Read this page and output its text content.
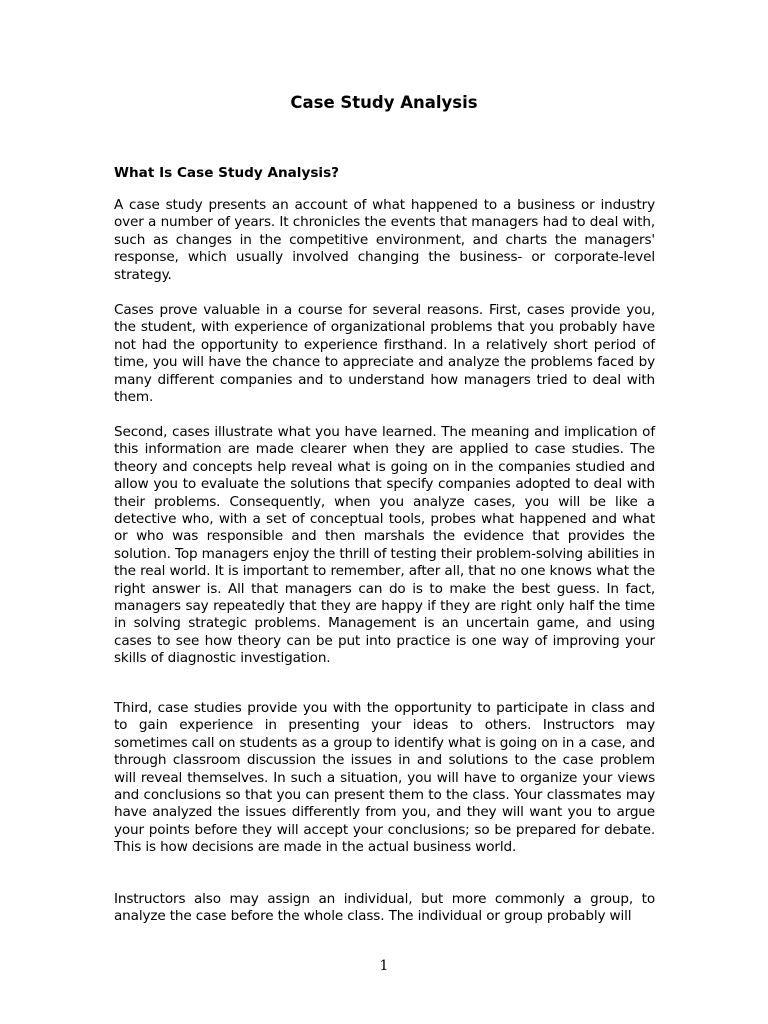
Case Study Analysis
What Is Case Study Analysis?

A case study presents an account of what happened to a business or industry over a number of years. It chronicles the events that managers had to deal with, such as changes in the competitive environment, and charts the managers' response, which usually involved changing the business- or corporate-level strategy.

Cases prove valuable in a course for several reasons. First, cases provide you, the student, with experience of organizational problems that you probably have not had the opportunity to experience firsthand. In a relatively short period of time, you will have the chance to appreciate and analyze the problems faced by many different companies and to understand how managers tried to deal with them.

Second, cases illustrate what you have learned. The meaning and implication of this information are made clearer when they are applied to case studies. The theory and concepts help reveal what is going on in the companies studied and allow you to evaluate the solutions that specify companies adopted to deal with their problems. Consequently, when you analyze cases, you will be like a detective who, with a set of conceptual tools, probes what happened and what or who was responsible and then marshals the evidence that provides the solution. Top managers enjoy the thrill of testing their problem-solving abilities in the real world. It is important to remember, after all, that no one knows what the right answer is. All that managers can do is to make the best guess. In fact, managers say repeatedly that they are happy if they are right only half the time in solving strategic problems. Management is an uncertain game, and using cases to see how theory can be put into practice is one way of improving your skills of diagnostic investigation.

Third, case studies provide you with the opportunity to participate in class and to gain experience in presenting your ideas to others. Instructors may sometimes call on students as a group to identify what is going on in a case, and through classroom discussion the issues in and solutions to the case problem will reveal themselves. In such a situation, you will have to organize your views and conclusions so that you can present them to the class. Your classmates may have analyzed the issues differently from you, and they will want you to argue your points before they will accept your conclusions; so be prepared for debate. This is how decisions are made in the actual business world.

Instructors also may assign an individual, but more commonly a group, to analyze the case before the whole class. The individual or group probably will

1
